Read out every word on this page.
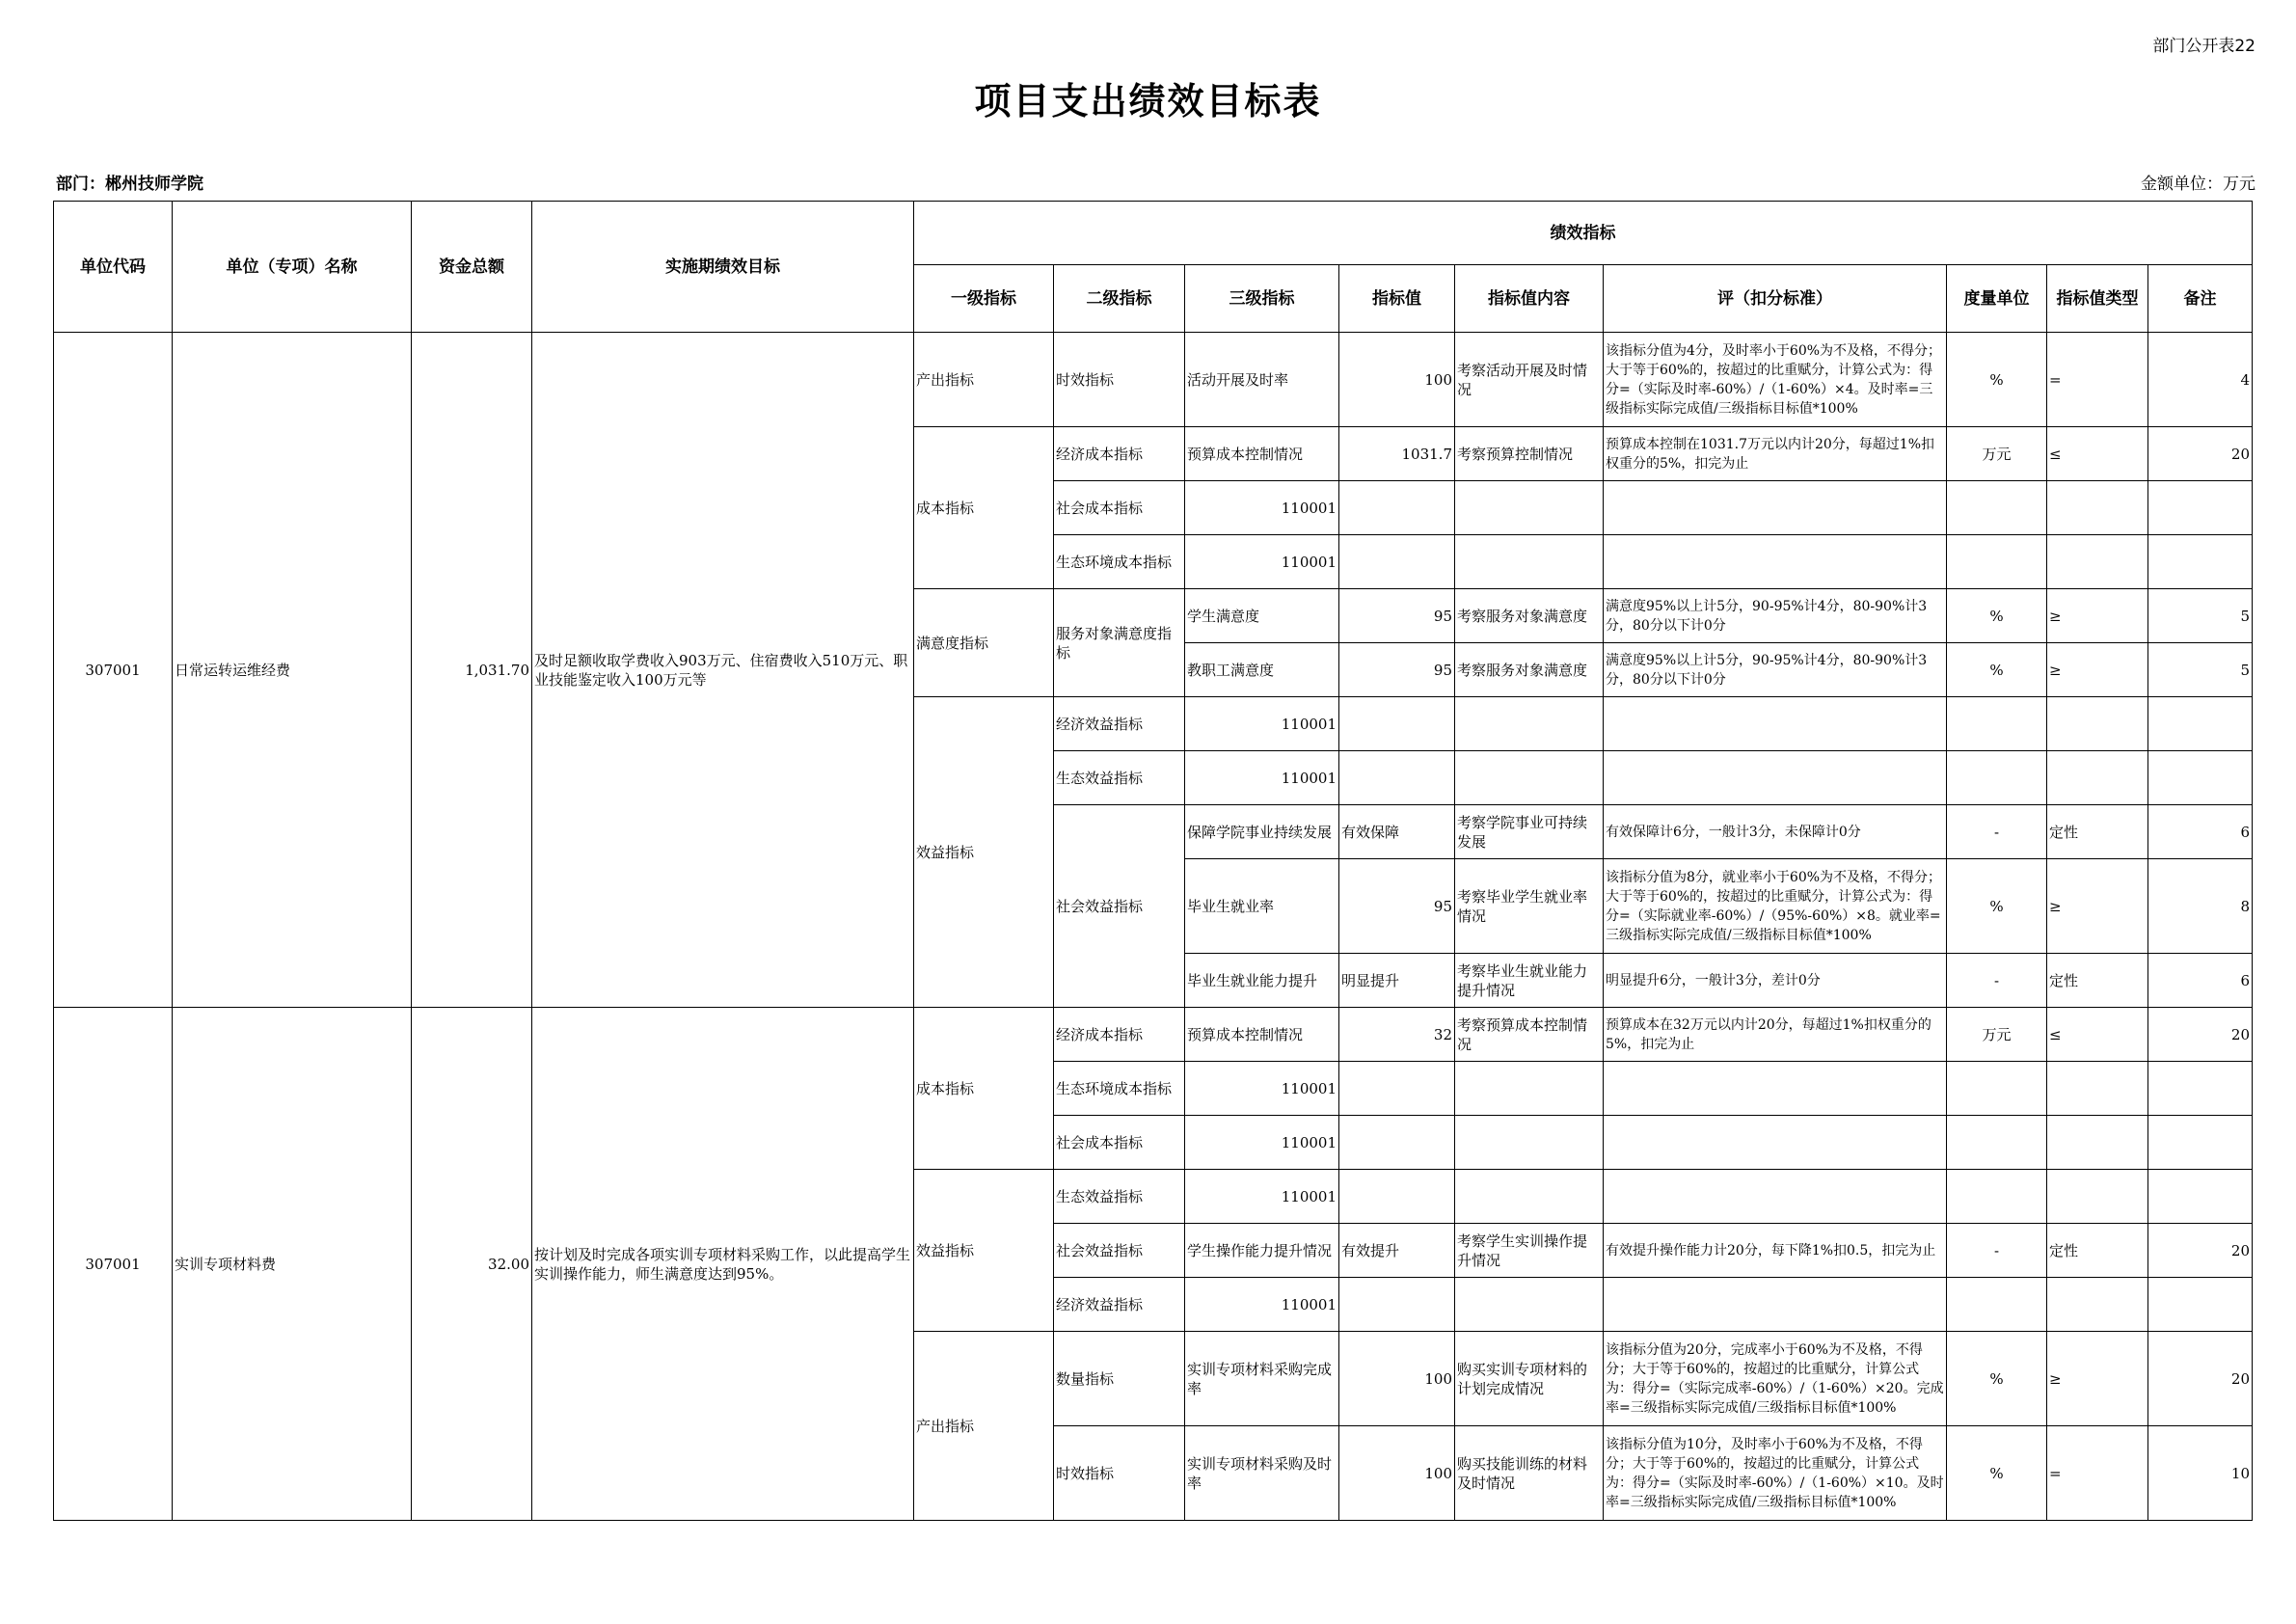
部门公开表22
项目支出绩效目标表
部门：郴州技师学院	金额单位：万元
单位代码	单位（专项）名称	资金总额	实施期绩效目标	绩效指标								
				一级指标	二级指标	三级指标	指标值	指标值内容	评（扣分标准）	度量单位	指标值类型	备注
307001	日常运转运维经费	1,031.70	及时足额收取学费收入903万元、住宿费收入510万元、职业技能鉴定收入100万元等	产出指标	时效指标	活动开展及时率	100	考察活动开展及时情况	该指标分值为4分，及时率小于60%为不及格，不得分；大于等于60%的，按超过的比重赋分，计算公式为：得分=（实际及时率-60%）/（1-60%）×4。及时率=三级指标实际完成值/三级指标目标值*100%	%	=	4
				成本指标	经济成本指标	预算成本控制情况	1031.7	考察预算控制情况	预算成本控制在1031.7万元以内计20分，每超过1%扣权重分的5%，扣完为止	万元	≤	20
					社会成本指标	110001			

					生态环境成本指标	110001			

				满意度指标	服务对象满意度指标	学生满意度	95	考察服务对象满意度	满意度95%以上计5分，90-95%计4分，80-90%计3分，80分以下计0分	%	≥	5
						教职工满意度	95	考察服务对象满意度	满意度95%以上计5分，90-95%计4分，80-90%计3分，80分以下计0分	%	≥	5
				效益指标	经济效益指标	110001			

					生态效益指标	110001			

					社会效益指标	保障学院事业持续发展	有效保障	考察学院事业可持续发展	有效保障计6分，一般计3分，未保障计0分	-	定性	6
						毕业生就业率	95	考察毕业学生就业率情况	该指标分值为8分，就业率小于60%为不及格，不得分；大于等于60%的，按超过的比重赋分，计算公式为：得分=（实际就业率-60%）/（95%-60%）×8。就业率=三级指标实际完成值/三级指标目标值*100%	%	≥	8
						毕业生就业能力提升	明显提升	考察毕业生就业能力提升情况	明显提升6分，一般计3分，差计0分	-	定性	6
307001	实训专项材料费	32.00	按计划及时完成各项实训专项材料采购工作，以此提高学生实训操作能力，师生满意度达到95%。	成本指标	经济成本指标	预算成本控制情况	32	考察预算成本控制情况	预算成本在32万元以内计20分，每超过1%扣权重分的5%，扣完为止	万元	≤	20
					生态环境成本指标	110001			

					社会成本指标	110001			

				效益指标	生态效益指标	110001			

					社会效益指标	学生操作能力提升情况	有效提升	考察学生实训操作提升情况	有效提升操作能力计20分，每下降1%扣0.5，扣完为止	-	定性	20
					经济效益指标	110001			

				产出指标	数量指标	实训专项材料采购完成率	100	购买实训专项材料的计划完成情况	该指标分值为20分，完成率小于60%为不及格，不得分；大于等于60%的，按超过的比重赋分，计算公式为：得分=（实际完成率-60%）/（1-60%）×20。完成率=三级指标实际完成值/三级指标目标值*100%	%	≥	20
					时效指标	实训专项材料采购及时率	100	购买技能训练的材料及时情况	该指标分值为10分，及时率小于60%为不及格，不得分；大于等于60%的，按超过的比重赋分，计算公式为：得分=（实际及时率-60%）/（1-60%）×10。及时率=三级指标实际完成值/三级指标目标值*100%	%	=	10
